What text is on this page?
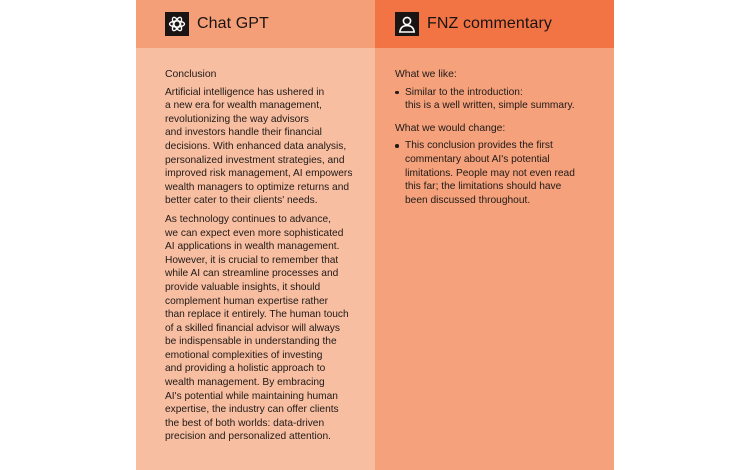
Chat GPT

Conclusion

Artificial intelligence has ushered in
a new era for wealth management,
revolutionizing the way advisors
and investors handle their financial
decisions. With enhanced data analysis,
personalized investment strategies, and
improved risk management, AI empowers
wealth managers to optimize returns and
better cater to their clients' needs.

As technology continues to advance,
we can expect even more sophisticated
AI applications in wealth management.
However, it is crucial to remember that
while AI can streamline processes and
provide valuable insights, it should
complement human expertise rather
than replace it entirely. The human touch
of a skilled financial advisor will always
be indispensable in understanding the
emotional complexities of investing
and providing a holistic approach to
wealth management. By embracing
AI's potential while maintaining human
expertise, the industry can offer clients
the best of both worlds: data-driven
precision and personalized attention.

FNZ commentary

What we like:

Similar to the introduction:
this is a well written, simple summary.

What we would change:

This conclusion provides the first
commentary about AI's potential
limitations. People may not even read
this far; the limitations should have
been discussed throughout.
